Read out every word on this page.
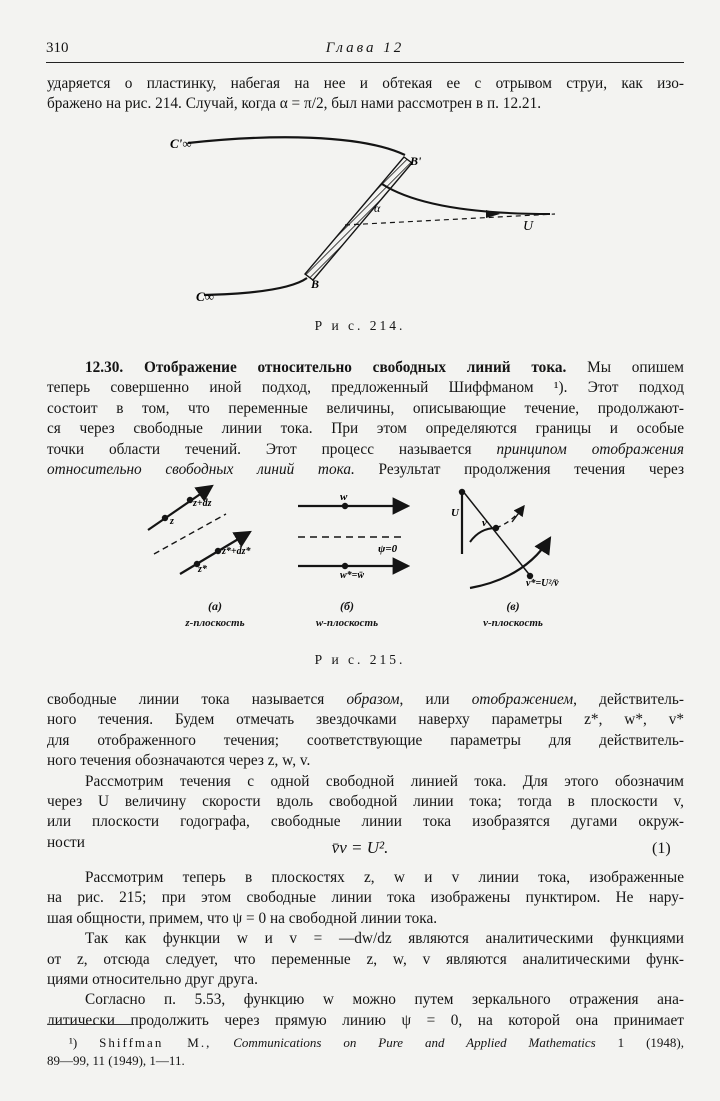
310	Глава 12
ударяется о пластинку, набегая на нее и обтекая ее с отрывом струи, как изо-
бражено на рис. 214. Случай, когда α = π/2, был нами рассмотрен в п. 12.21.
C'∞
B'
α
U
B
C∞
Р и с. 214.
12.30. Отображение относительно свободных линий тока. Мы опишем
теперь совершенно иной подход, предложенный Шиффманом ¹). Этот подход
состоит в том, что переменные величины, описывающие течение, продолжают-
ся через свободные линии тока. При этом определяются границы и особые
точки области течений. Этот процесс называется принципом отображения
относительно свободных линий тока. Результат продолжения течения через
z+dz
z
z*+dz*
z*
w
ψ=0
w*=w̄
U
v
v*=U²/v̄
(а)	(б)	(в)
z-плоскость	w-плоскость	v-плоскость
Р и с. 215.
свободные линии тока называется образом, или отображением, действитель-
ного течения. Будем отмечать звездочками наверху параметры z*, w*, v*
для отображенного течения; соответствующие параметры для действитель-
ного течения обозначаются через z, w, v.
Рассмотрим течения с одной свободной линией тока. Для этого обозначим
через U величину скорости вдоль свободной линии тока; тогда в плоскости v,
или плоскости годографа, свободные линии тока изобразятся дугами окруж-
ности	v̄v = U².	(1)
Рассмотрим теперь в плоскостях z, w и v линии тока, изображенные
на рис. 215; при этом свободные линии тока изображены пунктиром. Не нару-
шая общности, примем, что ψ = 0 на свободной линии тока.
Так как функции w и v = —dw/dz являются аналитическими функциями
от z, отсюда следует, что переменные z, w, v являются аналитическими функ-
циями относительно друг друга.
Согласно п. 5.53, функцию w можно путем зеркального отражения ана-
литически продолжить через прямую линию ψ = 0, на которой она принимает
¹) Shiffman M., Communications on Pure and Applied Mathematics 1 (1948),
89—99, 11 (1949), 1—11.
